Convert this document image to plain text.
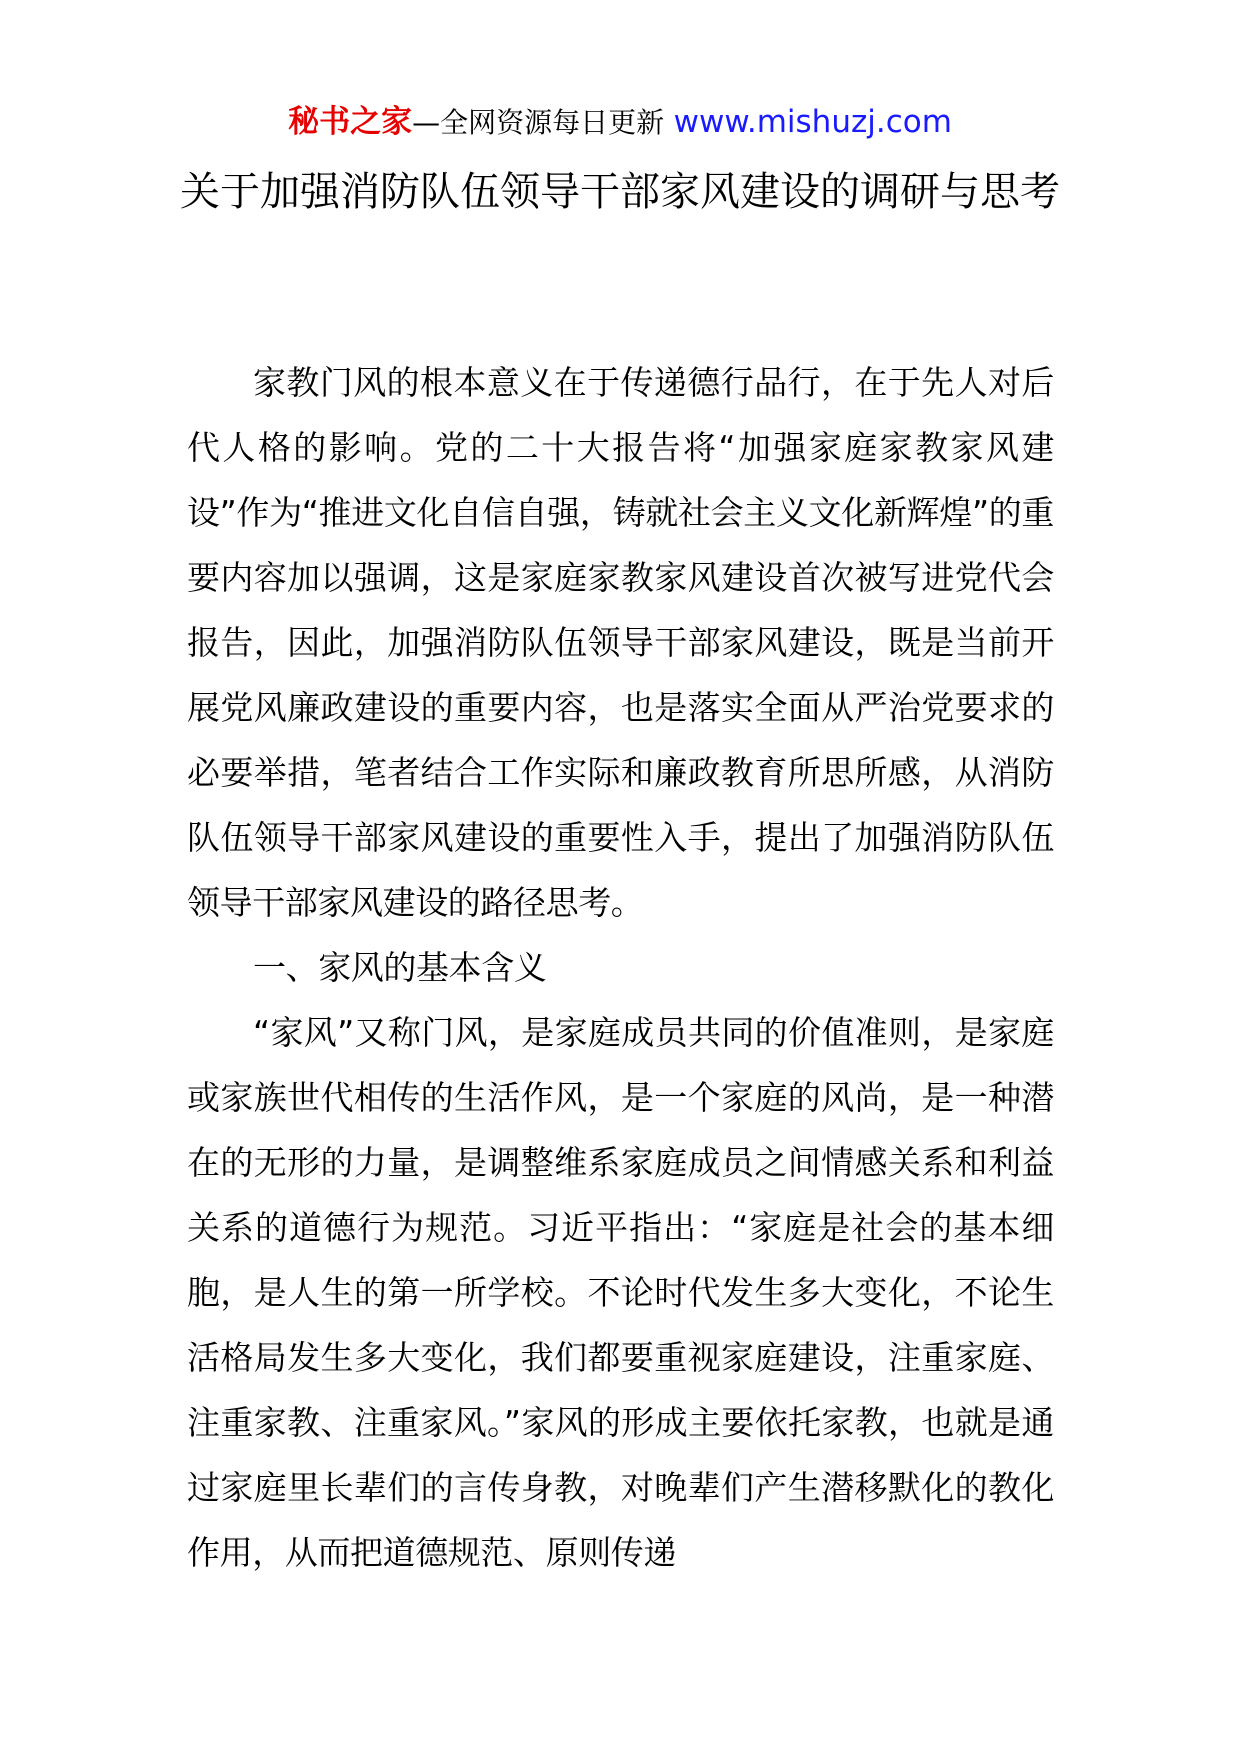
秘书之家—全网资源每日更新 www.mishuzj.com
关于加强消防队伍领导干部家风建设的调研与思考

家教门风的根本意义在于传递德行品行，在于先人对后代人格的影响。党的二十大报告将“加强家庭家教家风建设”作为“推进文化自信自强，铸就社会主义文化新辉煌”的重要内容加以强调，这是家庭家教家风建设首次被写进党代会报告，因此，加强消防队伍领导干部家风建设，既是当前开展党风廉政建设的重要内容，也是落实全面从严治党要求的必要举措，笔者结合工作实际和廉政教育所思所感，从消防队伍领导干部家风建设的重要性入手，提出了加强消防队伍领导干部家风建设的路径思考。

一、家风的基本含义

“家风”又称门风，是家庭成员共同的价值准则，是家庭或家族世代相传的生活作风，是一个家庭的风尚，是一种潜在的无形的力量，是调整维系家庭成员之间情感关系和利益关系的道德行为规范。习近平指出：“家庭是社会的基本细胞，是人生的第一所学校。不论时代发生多大变化，不论生活格局发生多大变化，我们都要重视家庭建设，注重家庭、注重家教、注重家风。”家风的形成主要依托家教，也就是通过家庭里长辈们的言传身教，对晚辈们产生潜移默化的教化作用，从而把道德规范、原则传递
